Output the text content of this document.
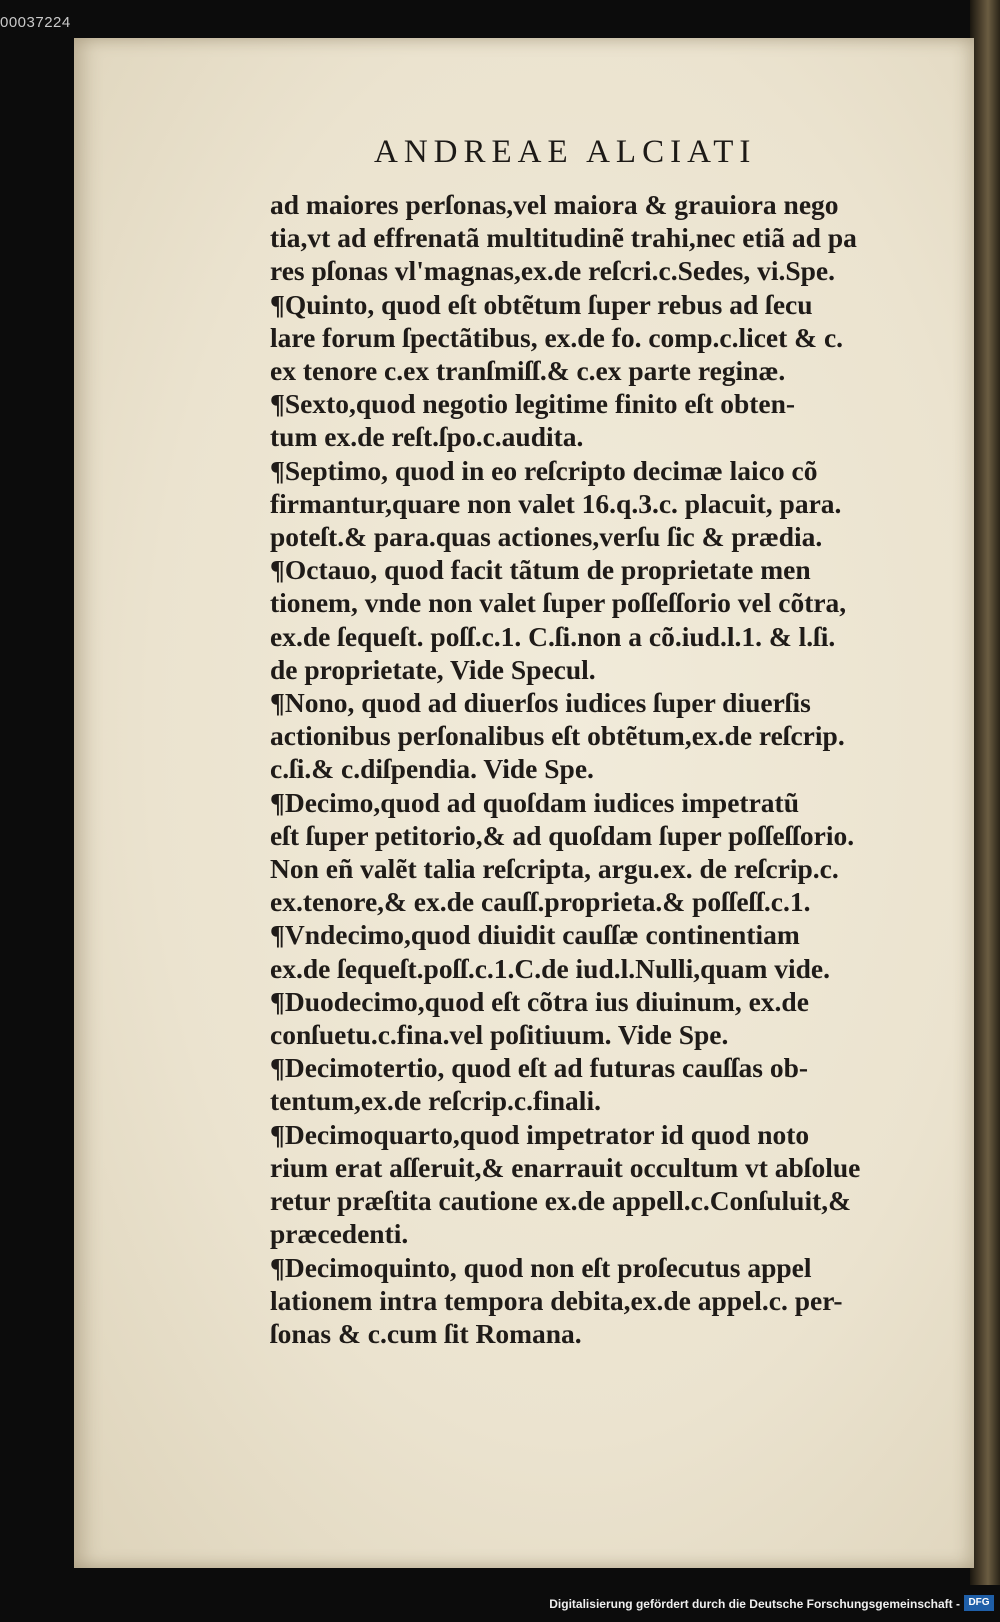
00037224
ANDREAE ALCIATI
ad maiores perſonas,vel maiora & grauiora nego
tia,vt ad effrenatã multitudinẽ trahi,nec etiã ad pa
res pſonas vl'magnas,ex.de reſcri.c.Sedes, vi.Spe.
¶Quinto, quod eſt obtẽtum ſuper rebus ad ſecu
lare forum ſpectãtibus, ex.de fo. comp.c.licet & c.
ex tenore c.ex tranſmiſſ.& c.ex parte reginæ.
¶Sexto,quod negotio legitime finito eſt obten-
tum ex.de reſt.ſpo.c.audita.
¶Septimo, quod in eo reſcripto decimæ laico cõ
firmantur,quare non valet 16.q.3.c. placuit, para.
poteſt.& para.quas actiones,verſu ſic & prædia.
¶Octauo, quod facit tãtum de proprietate men
tionem, vnde non valet ſuper poſſeſſorio vel cõtra,
ex.de ſequeſt. poſſ.c.1. C.ſi.non a cõ.iud.l.1. & l.ſi.
de proprietate, Vide Specul.
¶Nono, quod ad diuerſos iudices ſuper diuerſis
actionibus perſonalibus eſt obtẽtum,ex.de reſcrip.
c.ſi.& c.diſpendia. Vide Spe.
¶Decimo,quod ad quoſdam iudices impetratũ
eſt ſuper petitorio,& ad quoſdam ſuper poſſeſſorio.
Non eñ valẽt talia reſcripta, argu.ex. de reſcrip.c.
ex.tenore,& ex.de cauſſ.proprieta.& poſſeſſ.c.1.
¶Vndecimo,quod diuidit cauſſæ continentiam
ex.de ſequeſt.poſſ.c.1.C.de iud.l.Nulli,quam vide.
¶Duodecimo,quod eſt cõtra ius diuinum, ex.de
conſuetu.c.fina.vel poſitiuum. Vide Spe.
¶Decimotertio, quod eſt ad futuras cauſſas ob-
tentum,ex.de reſcrip.c.finali.
¶Decimoquarto,quod impetrator id quod noto
rium erat aſſeruit,& enarrauit occultum vt abſolue
retur præſtita cautione ex.de appell.c.Conſuluit,&
præcedenti.
¶Decimoquinto, quod non eſt proſecutus appel
lationem intra tempora debita,ex.de appel.c. per-
ſonas & c.cum ſit Romana.
Digitalisierung gefördert durch die Deutsche Forschungsgemeinschaft - DFG
